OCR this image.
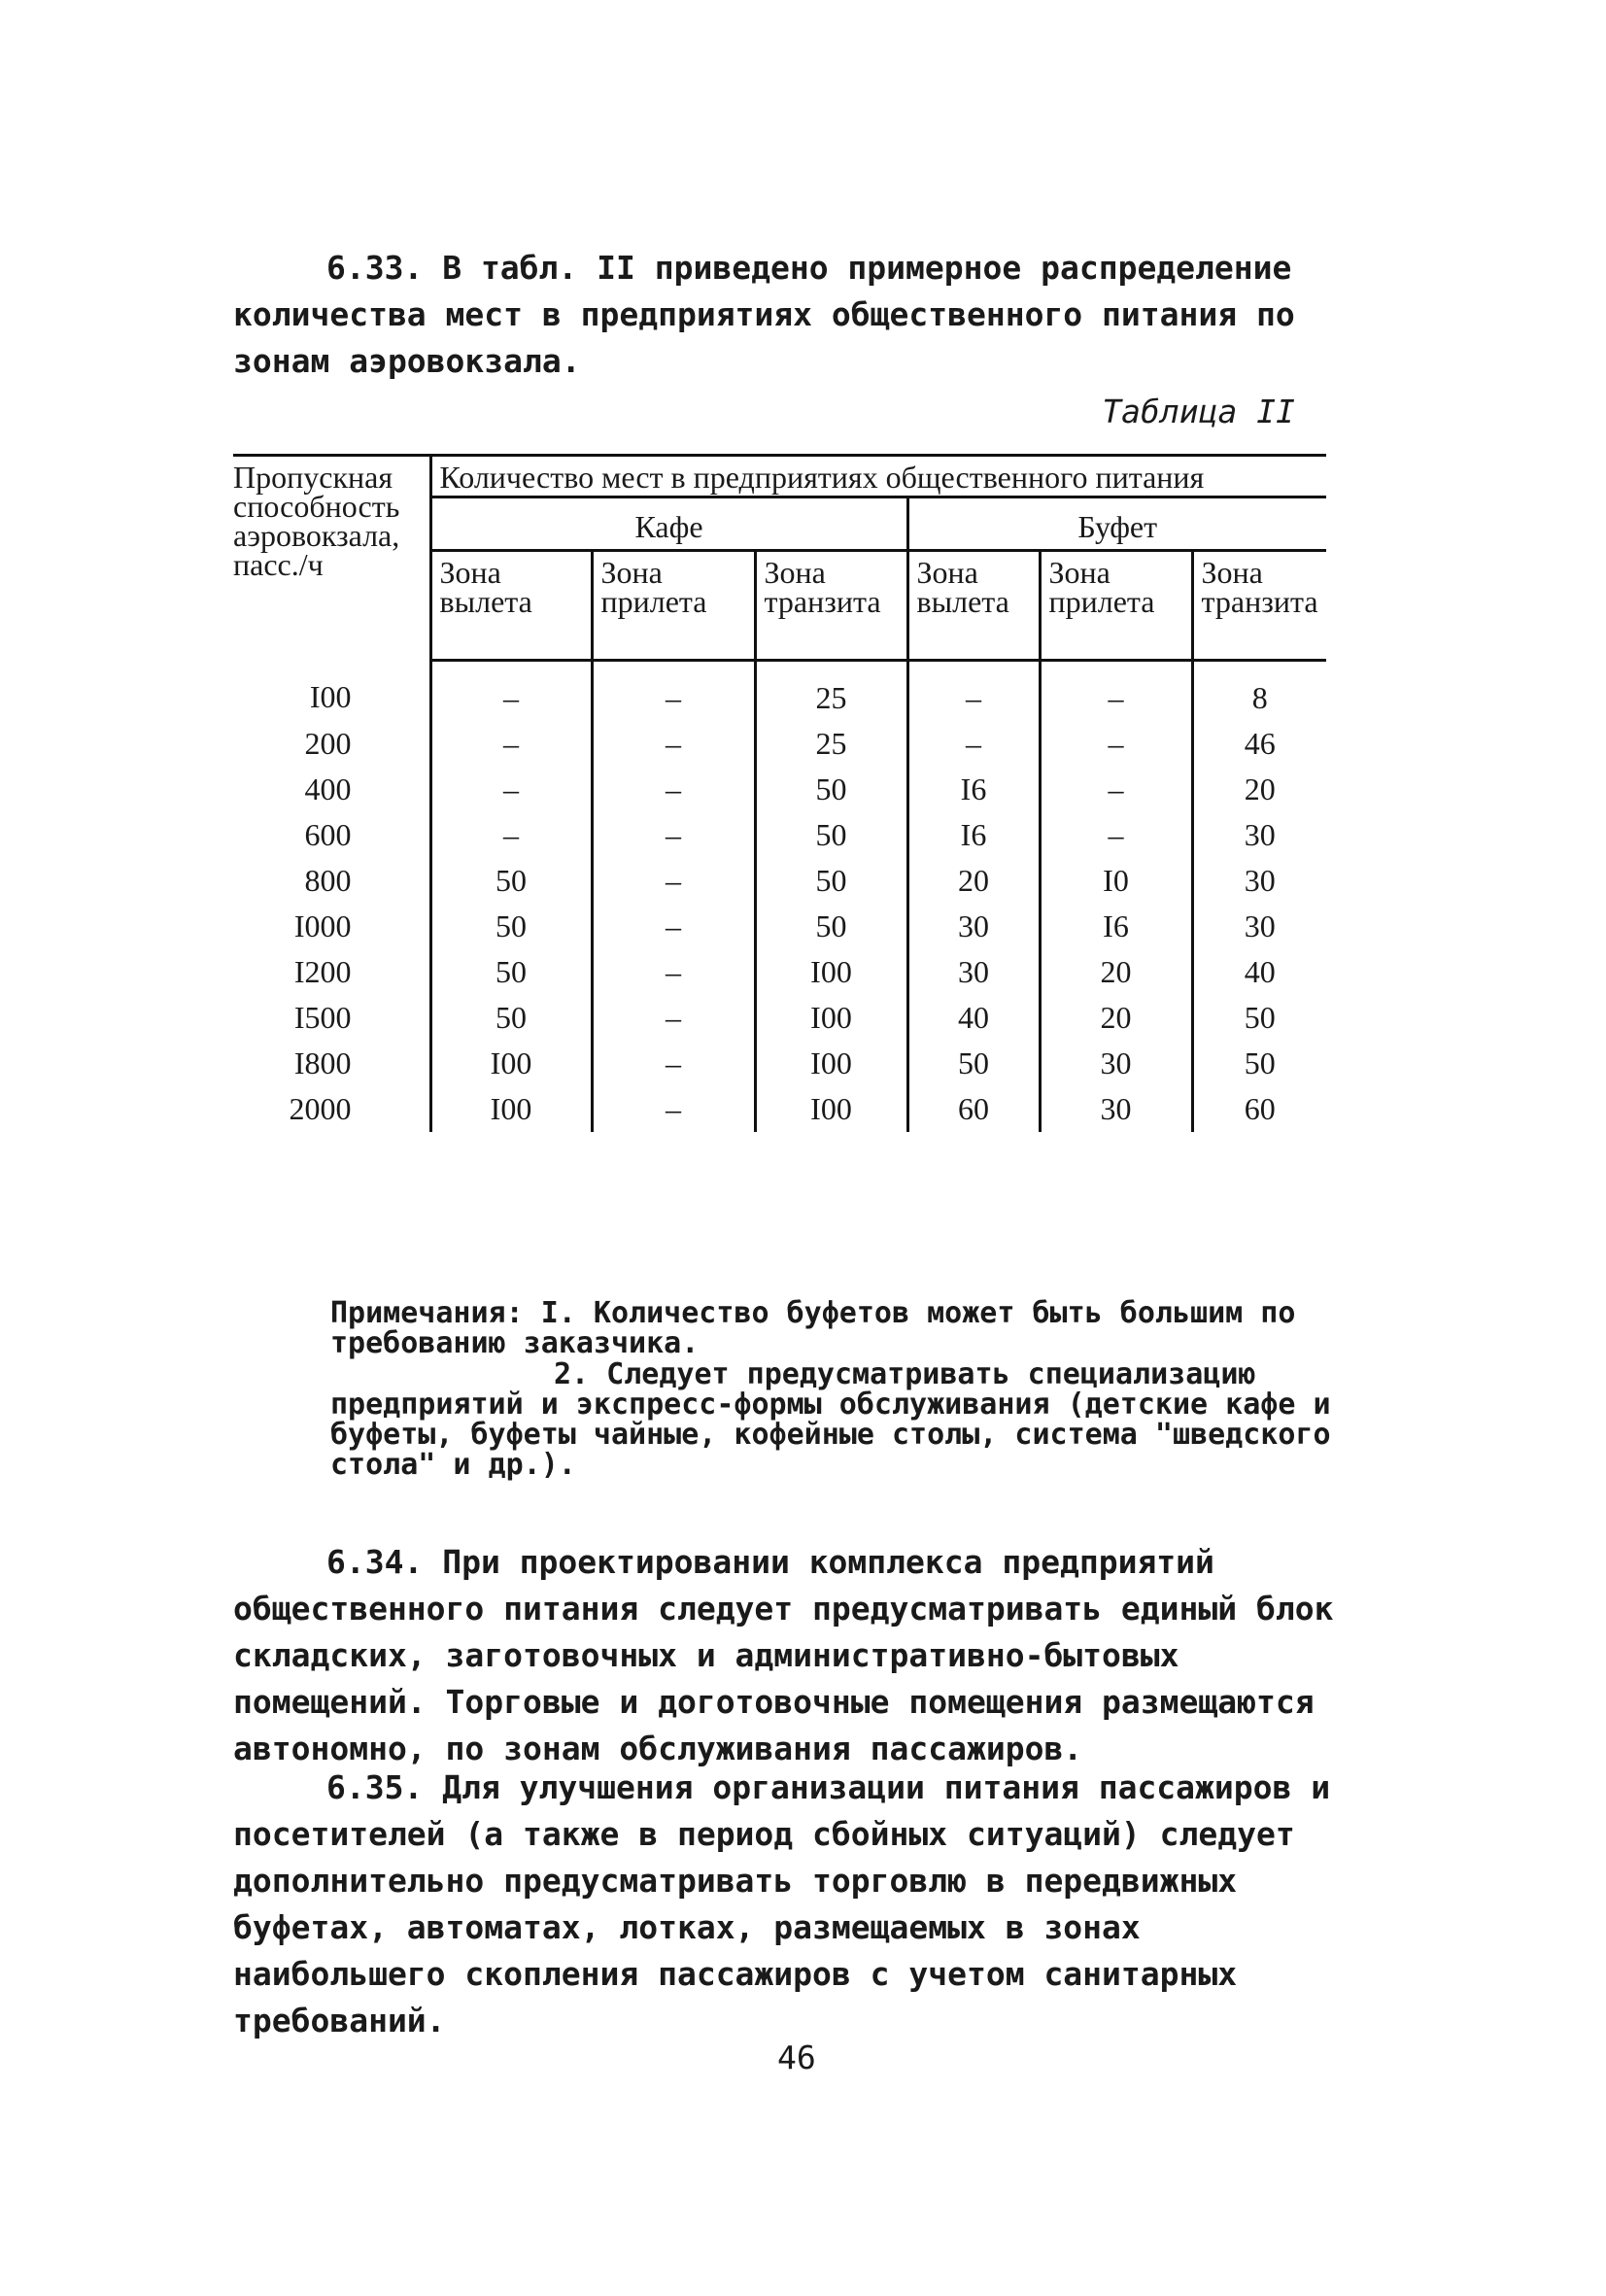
6.33. В табл. II приведено примерное распределение количества мест в предприятиях общественного питания по зонам аэровокзала.

Таблица II
Пропускная способность аэровокзала, пасс./ч	Количество мест в предприятиях общественного питания					
	Кафе			Буфет		
	Зона вылета	Зона прилета	Зона транзита	Зона вылета	Зона прилета	Зона транзита
I00	–	–	25	–	–	8
200	–	–	25	–	–	46
400	–	–	50	I6	–	20
600	–	–	50	I6	–	30
800	50	–	50	20	I0	30
I000	50	–	50	30	I6	30
I200	50	–	I00	30	20	40
I500	50	–	I00	40	20	50
I800	I00	–	I00	50	30	50
2000	I00	–	I00	60	30	60
Примечания: I. Количество буфетов может быть большим по требованию заказчика.
2. Следует предусматривать специализацию предприятий и экспресс-формы обслуживания (детские кафе и буфеты, буфеты чайные, кофейные столы, система "шведского стола" и др.).

6.34. При проектировании комплекса предприятий общественного питания следует предусматривать единый блок складских, заготовочных и административно-бытовых помещений. Торговые и доготовочные помещения размещаются автономно, по зонам обслуживания пассажиров.

6.35. Для улучшения организации питания пассажиров и посетителей (а также в период сбойных ситуаций) следует дополнительно предусматривать торговлю в передвижных буфетах, автоматах, лотках, размещаемых в зонах наибольшего скопления пассажиров с учетом санитарных требований.

46
